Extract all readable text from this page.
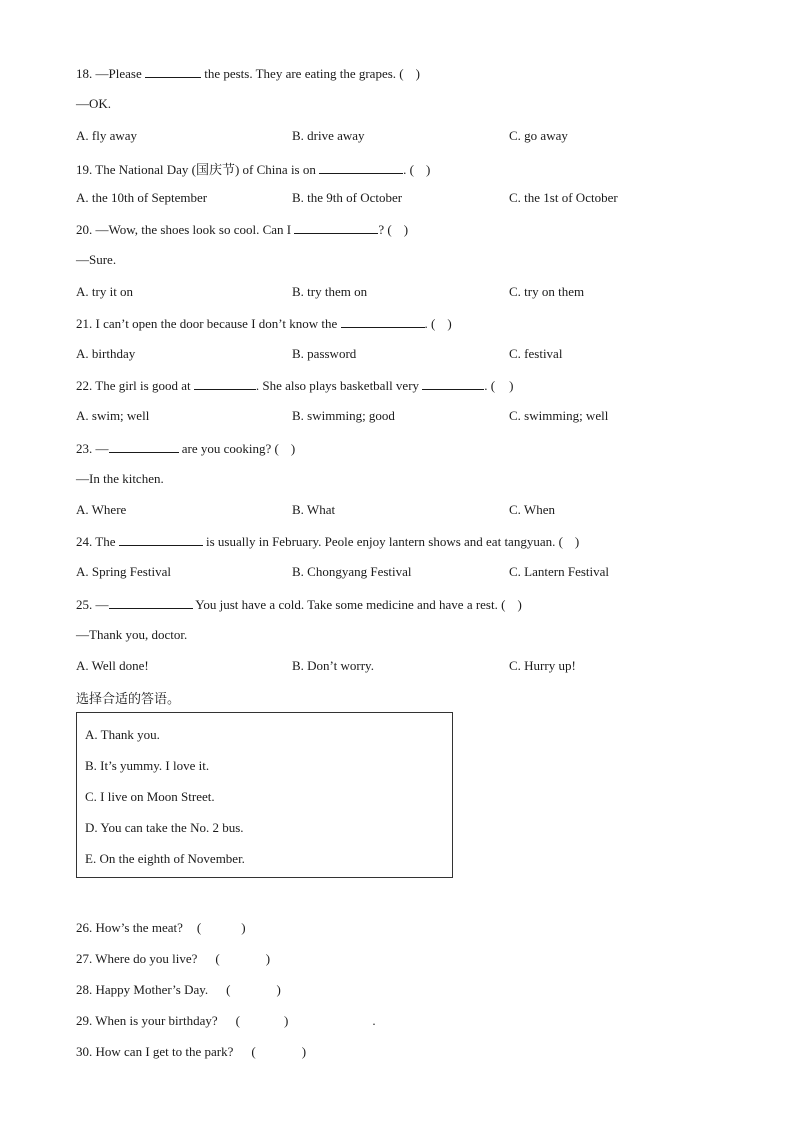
18. —Please	the pests. They are eating the grapes. ( )
—OK.
A. fly away	B. drive away	C. go away
19. The National Day (国庆节) of China is on	. ( )
A. the 10th of September	B. the 9th of October	C. the 1st of October
20. —Wow, the shoes look so cool. Can I	? ( )
—Sure.
A. try it on	B. try them on	C. try on them
21. I can’t open the door because I don’t know the	. ( )
A. birthday	B. password	C. festival
22. The girl is good at	. She also plays basketball very	. ( )
A. swim; well	B. swimming; good	C. swimming; well
23. —	are you cooking? ( )
—In the kitchen.
A. Where	B. What	C. When
24. The	is usually in February. Peole enjoy lantern shows and eat tangyuan. ( )
A. Spring Festival	B. Chongyang Festival	C. Lantern Festival
25. —	You just have a cold. Take some medicine and have a rest. ( )
—Thank you, doctor.
A. Well done!	B. Don’t worry.	C. Hurry up!
选择合适的答语。
A. Thank you.
B. It’s yummy. I love it.
C. I live on Moon Street.
D. You can take the No. 2 bus.
E. On the eighth of November.
26. How’s the meat? (	)
27. Where do you live? (	)
28. Happy Mother’s Day. (	)
29. When is your birthday? (	)	.
30. How can I get to the park? (	)
